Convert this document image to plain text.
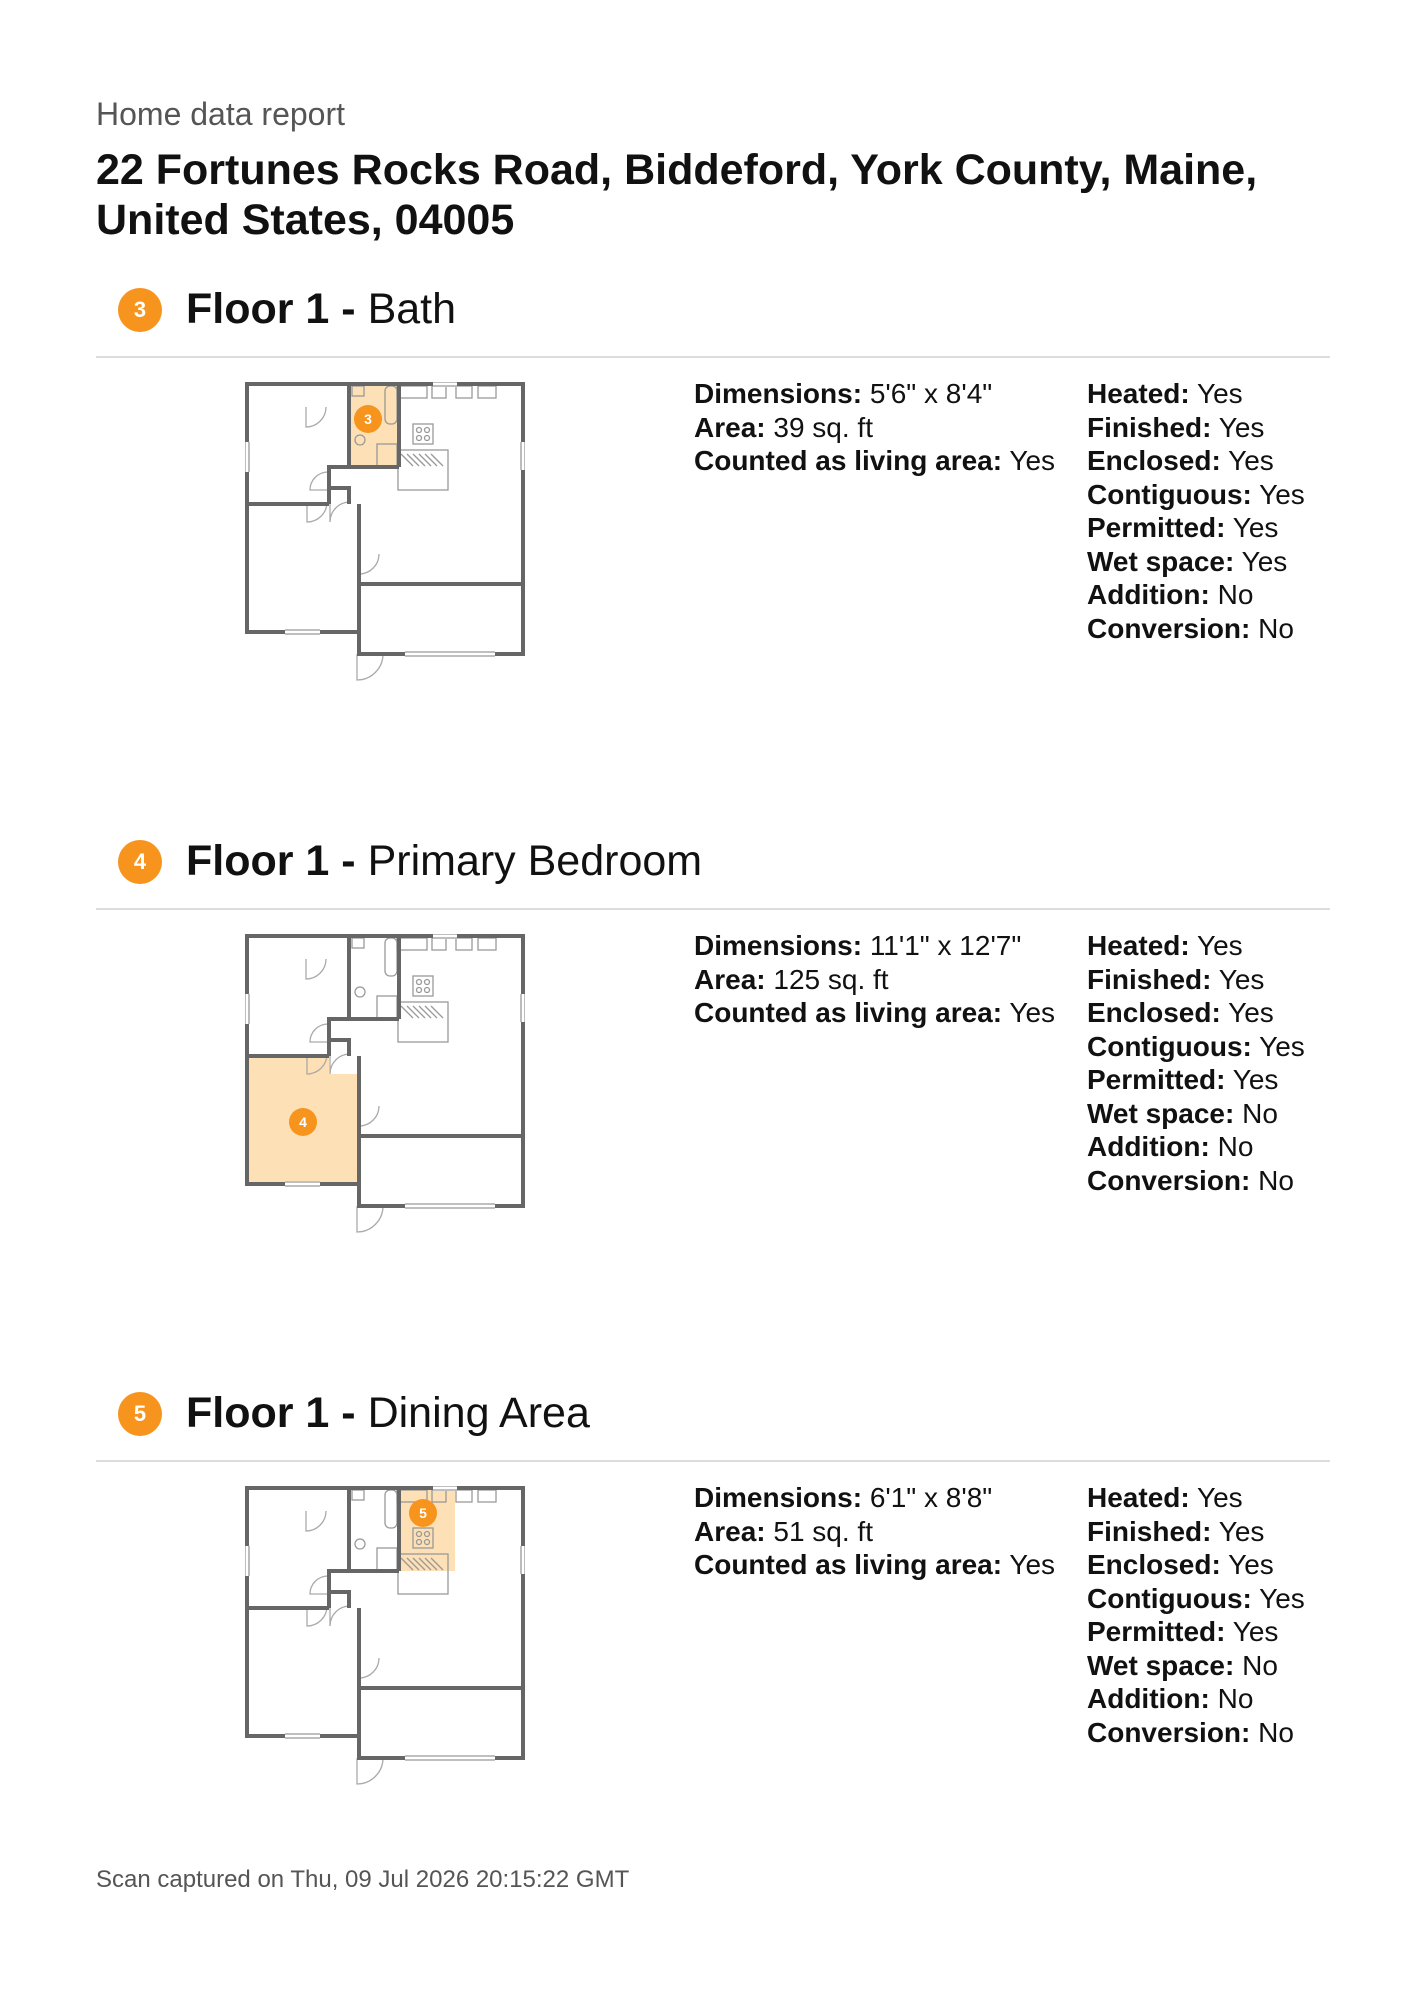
Home data report
22 Fortunes Rocks Road, Biddeford, York County, Maine, United States, 04005
3 Floor 1 - Bath
3
Dimensions: 5'6" x 8'4"
Area: 39 sq. ft
Counted as living area: Yes
Heated: Yes
Finished: Yes
Enclosed: Yes
Contiguous: Yes
Permitted: Yes
Wet space: Yes
Addition: No
Conversion: No
4 Floor 1 - Primary Bedroom
4
Dimensions: 11'1" x 12'7"
Area: 125 sq. ft
Counted as living area: Yes
Heated: Yes
Finished: Yes
Enclosed: Yes
Contiguous: Yes
Permitted: Yes
Wet space: No
Addition: No
Conversion: No
5 Floor 1 - Dining Area
5	Dimensions: 6'1" x 8'8"
Area: 51 sq. ft
Counted as living area: Yes
Heated: Yes
Finished: Yes
Enclosed: Yes
Contiguous: Yes
Permitted: Yes
Wet space: No
Addition: No
Conversion: No
Scan captured on Thu, 09 Jul 2026 20:15:22 GMT
